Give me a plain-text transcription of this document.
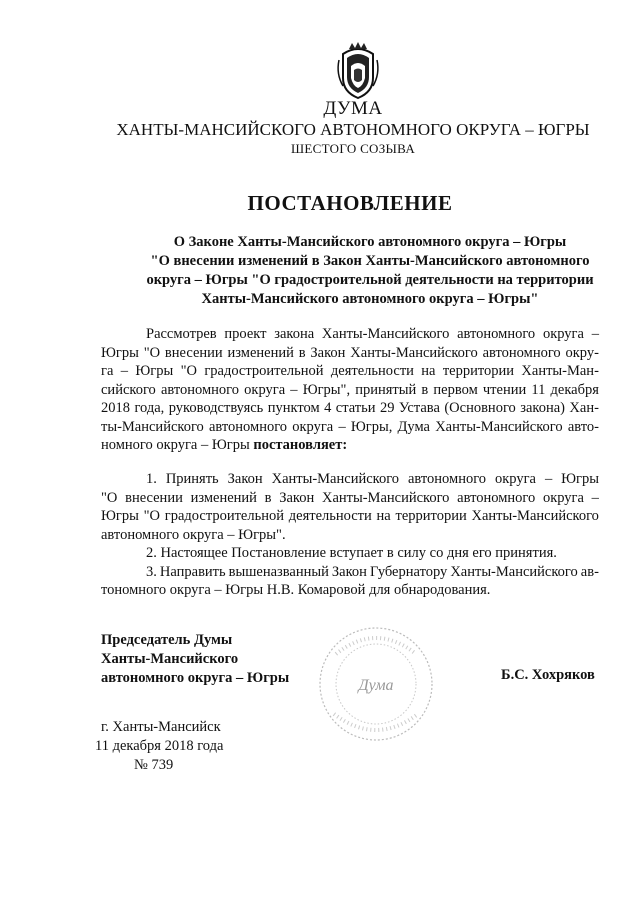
ДУМА
ХАНТЫ-МАНСИЙСКОГО АВТОНОМНОГО ОКРУГА – ЮГРЫ
ШЕСТОГО СОЗЫВА
ПОСТАНОВЛЕНИЕ
О Законе Ханты-Мансийского автономного округа – Югры
"О внесении изменений в Закон Ханты-Мансийского автономного
округа – Югры "О градостроительной деятельности на территории
Ханты-Мансийского автономного округа – Югры"
Рассмотрев проект закона Ханты-Мансийского автономного округа –
Югры "О внесении изменений в Закон Ханты-Мансийского автономного окру-
га – Югры "О градостроительной деятельности на территории Ханты-Ман-
сийского автономного округа – Югры", принятый в первом чтении 11 декабря
2018 года, руководствуясь пунктом 4 статьи 29 Устава (Основного закона) Хан-
ты-Мансийского автономного округа – Югры, Дума Ханты-Мансийского авто-
номного округа – Югры постановляет:
1. Принять Закон Ханты-Мансийского автономного округа – Югры
"О внесении изменений в Закон Ханты-Мансийского автономного округа –
Югры "О градостроительной деятельности на территории Ханты-Мансийского
автономного округа – Югры".
2. Настоящее Постановление вступает в силу со дня его принятия.
3. Направить вышеназванный Закон Губернатору Ханты-Мансийского ав-
тономного округа – Югры Н.В. Комаровой для обнародования.
Председатель Думы
Ханты-Мансийского
автономного округа – Югры	Дума
Б.С. Хохряков
г. Ханты-Мансийск
11 декабря 2018 года
№ 739
